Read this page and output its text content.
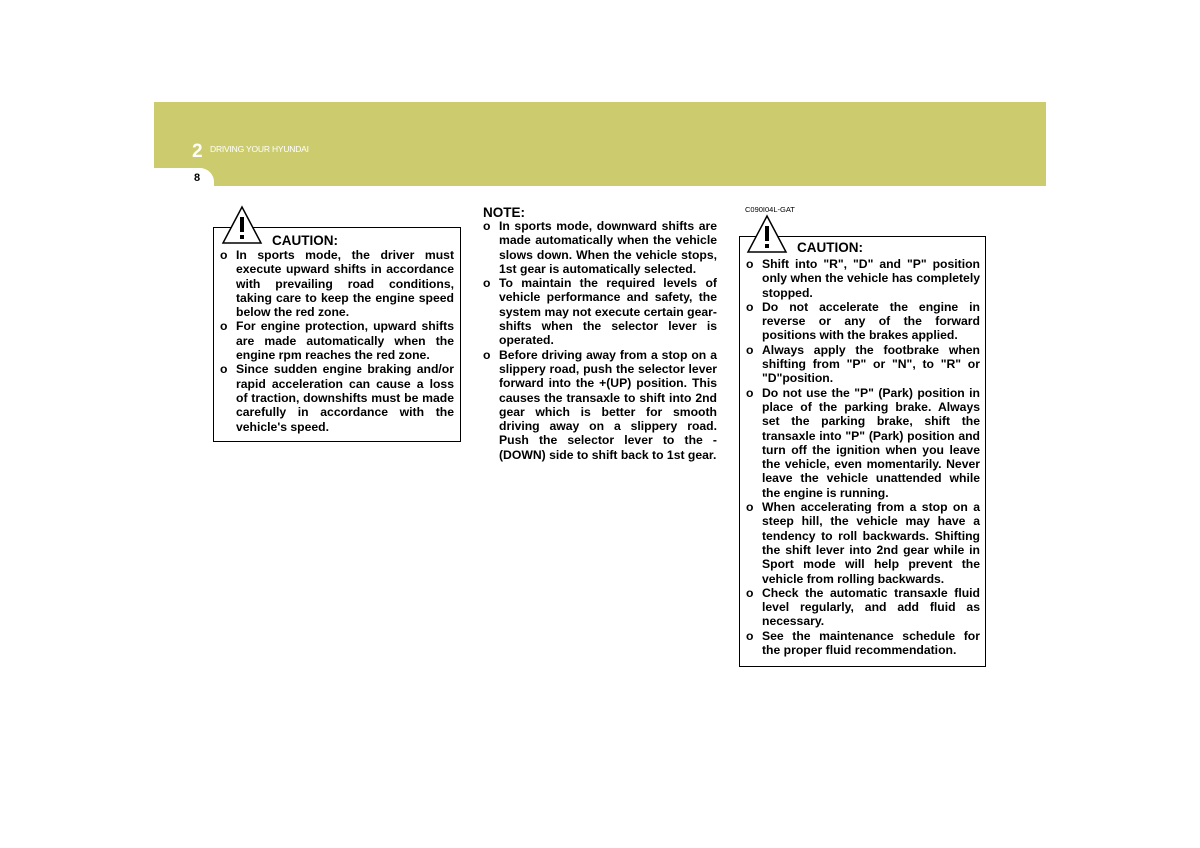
2 DRIVING YOUR HYUNDAI
8
CAUTION:
o In sports mode, the driver must execute upward shifts in accordance with prevailing road conditions, taking care to keep the engine speed below the red zone.
o For engine protection, upward shifts are made automatically when the engine rpm reaches the red zone.
o Since sudden engine braking and/or rapid acceleration can cause a loss of traction, downshifts must be made carefully in accordance with the vehicle's speed.
NOTE:
o In sports mode, downward shifts are made automatically when the vehicle slows down. When the vehicle stops, 1st gear is automatically selected.
o To maintain the required levels of vehicle performance and safety, the system may not execute certain gear-shifts when the selector lever is operated.
o Before driving away from a stop on a slippery road, push the selector lever forward into the +(UP) position. This causes the transaxle to shift into 2nd gear which is better for smooth driving away on a slippery road. Push the selector lever to the -(DOWN) side to shift back to 1st gear.
C090I04L-GAT
CAUTION:
o Shift into "R", "D" and "P" position only when the vehicle has completely stopped.
o Do not accelerate the engine in reverse or any of the forward positions with the brakes applied.
o Always apply the footbrake when shifting from "P" or "N", to "R" or "D"position.
o Do not use the "P" (Park) position in place of the parking brake. Always set the parking brake, shift the transaxle into "P" (Park) position and turn off the ignition when you leave the vehicle, even momentarily. Never leave the vehicle unattended while the engine is running.
o When accelerating from a stop on a steep hill, the vehicle may have a tendency to roll backwards. Shifting the shift lever into 2nd gear while in Sport mode will help prevent the vehicle from rolling backwards.
o Check the automatic transaxle fluid level regularly, and add fluid as necessary.
o See the maintenance schedule for the proper fluid recommendation.
